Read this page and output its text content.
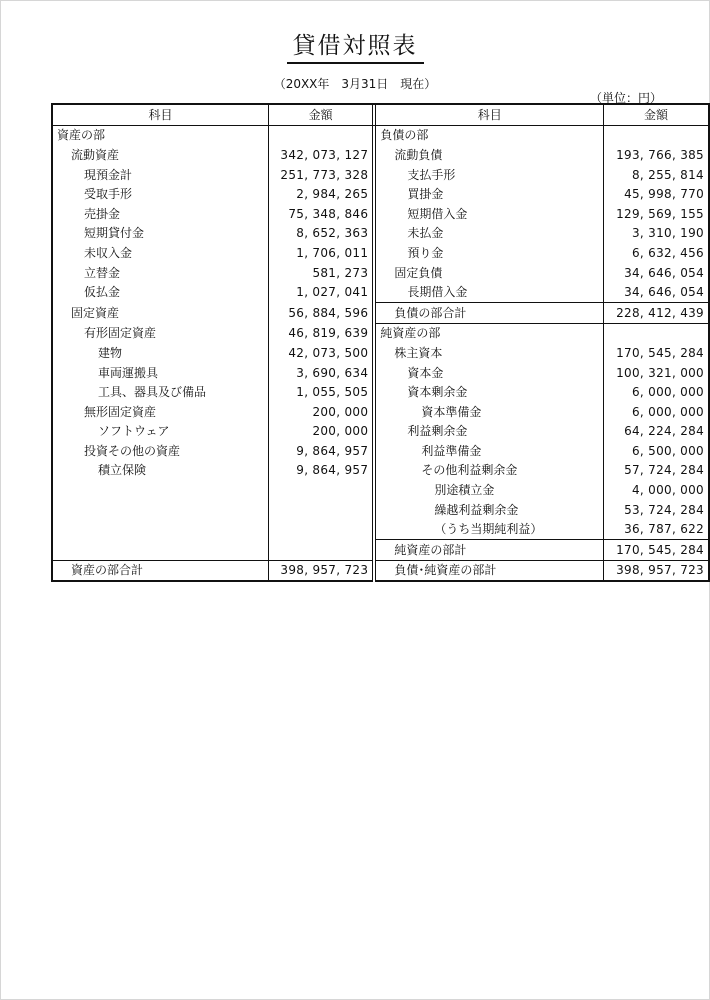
貸借対照表
（20XX年　3月31日　現在）
（単位：円）
科目	金額		科目	金額
資産の部			負債の部	
流動資産	342, 073, 127		流動負債	193, 766, 385
現預金計	251, 773, 328		支払手形	8, 255, 814
受取手形	2, 984, 265		買掛金	45, 998, 770
売掛金	75, 348, 846		短期借入金	129, 569, 155
短期貸付金	8, 652, 363		未払金	3, 310, 190
未収入金	1, 706, 011		預り金	6, 632, 456
立替金	581, 273		固定負債	34, 646, 054
仮払金	1, 027, 041		長期借入金	34, 646, 054
固定資産	56, 884, 596		負債の部合計	228, 412, 439
有形固定資産	46, 819, 639		純資産の部	
建物	42, 073, 500		株主資本	170, 545, 284
車両運搬具	3, 690, 634		資本金	100, 321, 000
工具、器具及び備品	1, 055, 505		資本剰余金	6, 000, 000
無形固定資産	200, 000		資本準備金	6, 000, 000
ソフトウェア	200, 000		利益剰余金	64, 224, 284
投資その他の資産	9, 864, 957		利益準備金	6, 500, 000
積立保険	9, 864, 957		その他利益剰余金	57, 724, 284
			別途積立金	4, 000, 000
			繰越利益剰余金	53, 724, 284
			（うち当期純利益）	36, 787, 622
			純資産の部計	170, 545, 284
資産の部合計	398, 957, 723		負債･純資産の部計	398, 957, 723
